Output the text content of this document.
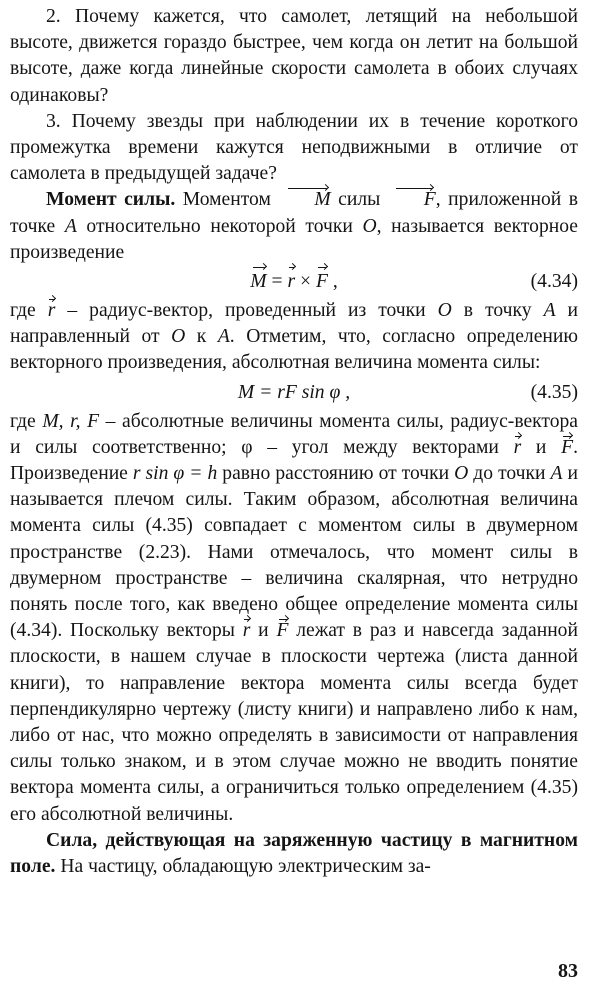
2. Почему кажется, что самолет, летящий на небольшой высоте, движется гораздо быстрее, чем когда он летит на большой высоте, даже когда линейные скорости самолета в обоих случаях одинаковы?

3. Почему звезды при наблюдении их в течение короткого промежутка времени кажутся неподвижными в отличие от самолета в предыдущей задаче?

Момент силы. Моментом M силы F, приложенной в точке A относительно некоторой точки O, называется векторное произведение

M = r × F ,	(4.34)

где r – радиус-вектор, проведенный из точки O в точку A и направленный от O к A. Отметим, что, согласно определению векторного произведения, абсолютная величина момента силы:

M = rF sin φ ,	(4.35)

где M, r, F – абсолютные величины момента силы, радиус-вектора и силы соответственно; φ – угол между векторами r и F. Произведение r sin φ = h равно расстоянию от точки O до точки A и называется плечом силы. Таким образом, абсолютная величина момента силы (4.35) совпадает с моментом силы в двумерном пространстве (2.23). Нами отмечалось, что момент силы в двумерном пространстве – величина скалярная, что нетрудно понять после того, как введено общее определение момента силы (4.34). Поскольку векторы r и F лежат в раз и навсегда заданной плоскости, в нашем случае в плоскости чертежа (листа данной книги), то направление вектора момента силы всегда будет перпендикулярно чертежу (листу книги) и направлено либо к нам, либо от нас, что можно определять в зависимости от направления силы только знаком, и в этом случае можно не вводить понятие вектора момента силы, а ограничиться только определением (4.35) его абсолютной величины.

Сила, действующая на заряженную частицу в магнитном поле. На частицу, обладающую электрическим за-

83
